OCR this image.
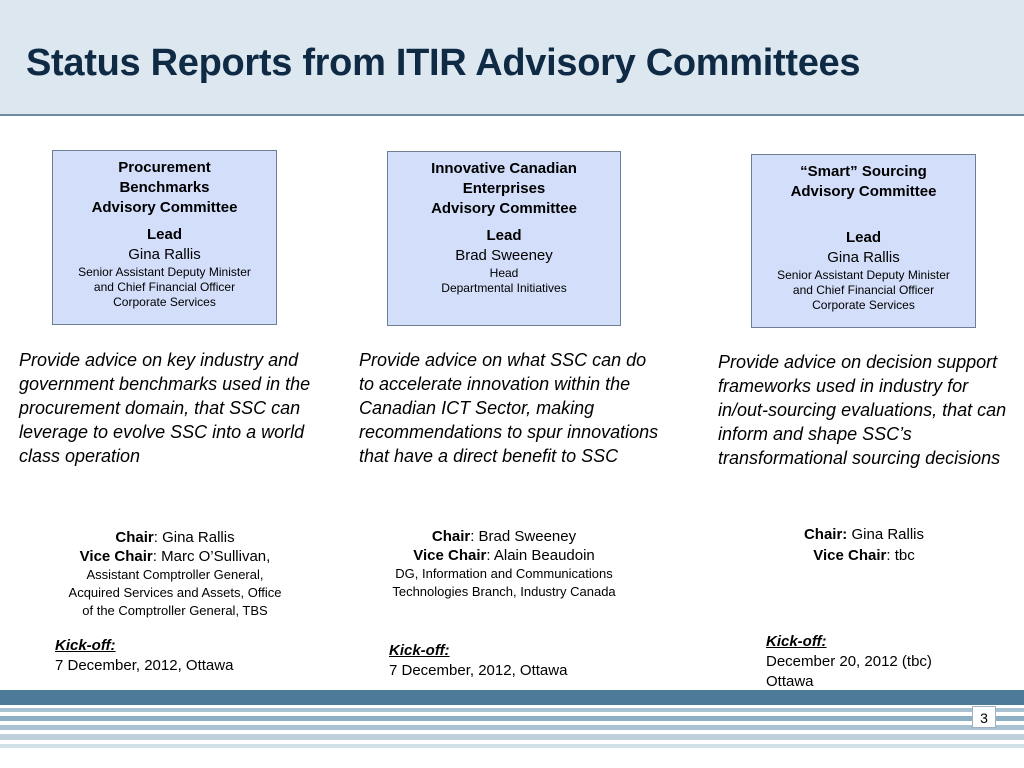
Status Reports from ITIR Advisory Committees
Procurement
Benchmarks
Advisory Committee
Lead
Gina Rallis
Senior Assistant Deputy Minister
and Chief Financial Officer
Corporate Services
Provide advice on key industry and government benchmarks used in the procurement domain, that SSC can leverage to evolve SSC into a world class operation
Chair: Gina Rallis
Vice Chair: Marc O’Sullivan,
Assistant Comptroller General,
Acquired Services and Assets, Office
of the Comptroller General, TBS
Kick-off:
7 December, 2012, Ottawa
Innovative Canadian
Enterprises
Advisory Committee
Lead
Brad Sweeney
Head
Departmental Initiatives
Provide advice on what SSC can do to accelerate innovation within the Canadian ICT Sector, making recommendations to spur innovations that have a direct benefit to SSC
Chair: Brad Sweeney
Vice Chair: Alain Beaudoin
DG, Information and Communications
Technologies Branch, Industry Canada
Kick-off:
7 December, 2012, Ottawa
“Smart” Sourcing
Advisory Committee
Lead
Gina Rallis
Senior Assistant Deputy Minister
and Chief Financial Officer
Corporate Services
Provide advice on decision support frameworks used in industry for in/out-sourcing evaluations, that can inform and shape SSC’s transformational sourcing decisions
Chair: Gina Rallis
Vice Chair: tbc
Kick-off:
December 20, 2012 (tbc)
Ottawa
3
